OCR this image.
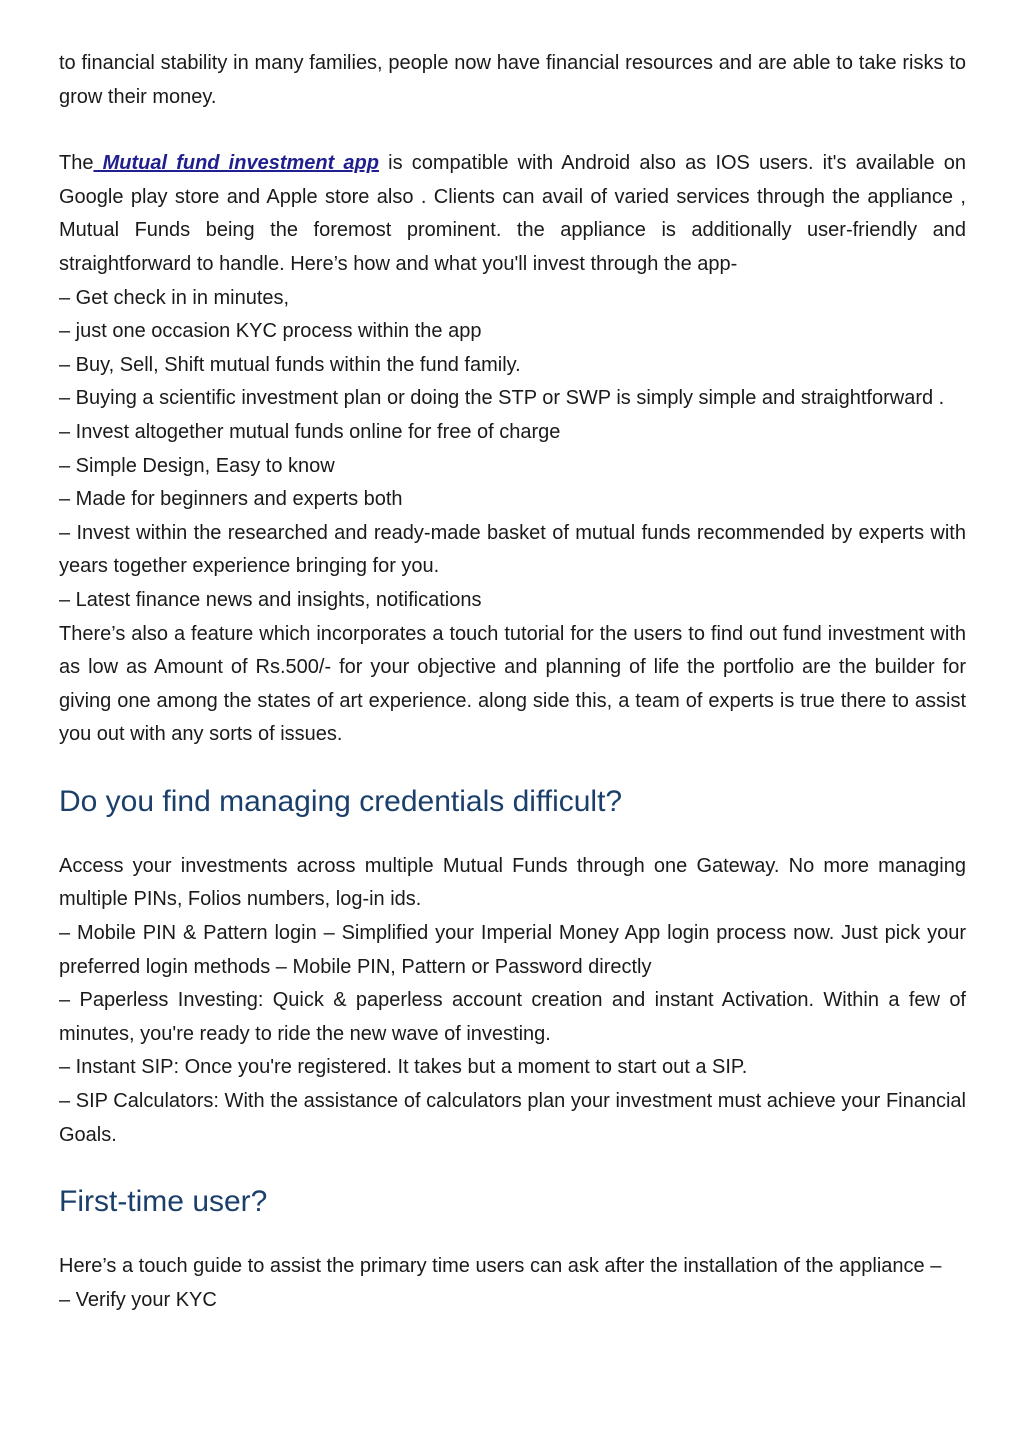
to financial stability in many families, people now have financial resources and are able to take risks to grow their money.

The Mutual fund investment app is compatible with Android also as IOS users. it's available on Google play store and Apple store also . Clients can avail of varied services through the appliance , Mutual Funds being the foremost prominent. the appliance is additionally user-friendly and straightforward to handle. Here’s how and what you'll invest through the app-

– Get check in in minutes,
– just one occasion KYC process within the app
– Buy, Sell, Shift mutual funds within the fund family.
– Buying a scientific investment plan or doing the STP or SWP is simply simple and straightforward .
– Invest altogether mutual funds online for free of charge
– Simple Design, Easy to know
– Made for beginners and experts both
– Invest within the researched and ready-made basket of mutual funds recommended by experts with years together experience bringing for you.
– Latest finance news and insights, notifications

There’s also a feature which incorporates a touch tutorial for the users to find out fund investment with as low as Amount of Rs.500/- for your objective and planning of life the portfolio are the builder for giving one among the states of art experience. along side this, a team of experts is true there to assist you out with any sorts of issues.

Do you find managing credentials difficult?

Access your investments across multiple Mutual Funds through one Gateway. No more managing multiple PINs, Folios numbers, log-in ids.

– Mobile PIN & Pattern login – Simplified your Imperial Money App login process now. Just pick your preferred login methods – Mobile PIN, Pattern or Password directly
– Paperless Investing: Quick & paperless account creation and instant Activation. Within a few of minutes, you're ready to ride the new wave of investing.
– Instant SIP: Once you're registered. It takes but a moment to start out a SIP.
– SIP Calculators: With the assistance of calculators plan your investment must achieve your Financial Goals.
First-time user?

Here’s a touch guide to assist the primary time users can ask after the installation of the appliance –

– Verify your KYC
